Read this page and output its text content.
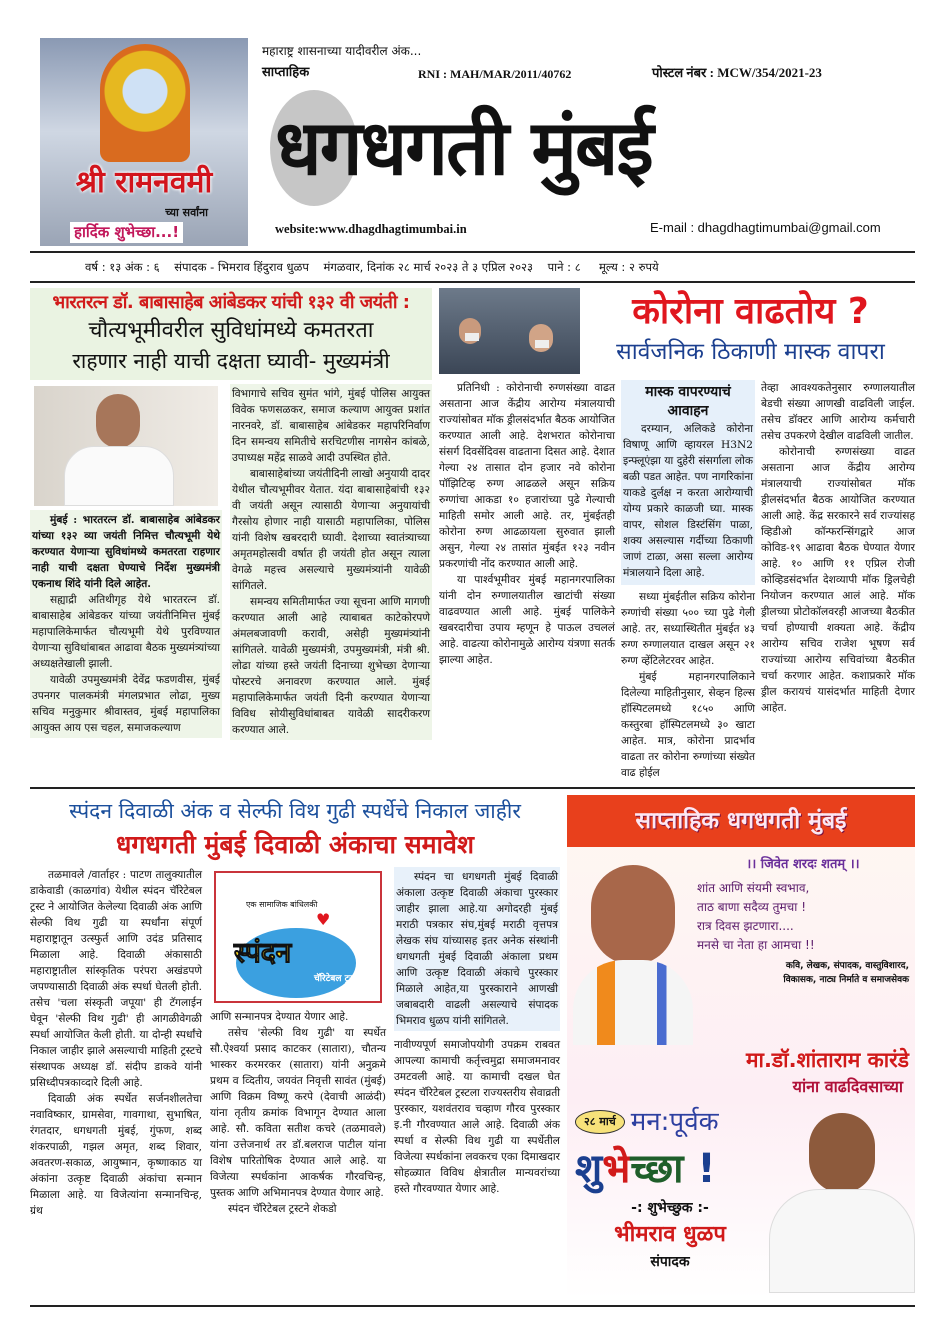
श्री रामनवमी
च्या सर्वांना
हार्दिक शुभेच्छा...!
महाराष्ट्र शासनाच्या यादीवरील अंक...
साप्ताहिक	RNI : MAH/MAR/2011/40762	पोस्टल नंबर : MCW/354/2021-23
धगधगती मुंबई
website:www.dhagdhagtimumbai.in	E-mail : dhagdhagtimumbai@gmail.com
वर्ष : १३ अंक : ६    संपादक - भिमराव हिंदुराव धुळप    मंगळवार, दिनांक २८ मार्च २०२३ ते ३ एप्रिल २०२३    पाने : ८     मूल्य : २ रुपये
भारतरत्न डॉ. बाबासाहेब आंबेडकर यांची १३२ वी जयंती :
चौत्यभूमीवरील सुविधांमध्ये कमतरता
राहणार नाही याची दक्षता घ्यावी- मुख्यमंत्री

मुंबई : भारतरत्न डॉ. बाबासाहेब आंबेडकर यांच्या १३२ व्या जयंती निमित्त चौत्यभूमी येथे करण्यात येणाऱ्या सुविधांमध्ये कमतरता राहणार नाही याची दक्षता घेण्याचे निर्देश मुख्यमंत्री एकनाथ शिंदे यांनी दिले आहेत.

सह्याद्री अतिथीगृह येथे भारतरत्न डॉ. बाबासाहेब आंबेडकर यांच्या जयंतीनिमित्त मुंबई महापालिकेमार्फत चौत्यभूमी येथे पुरविण्यात येणाऱ्या सुविधांबाबत आढावा बैठक मुख्यमंत्र्यांच्या अध्यक्षतेखाली झाली.

यावेळी उपमुख्यमंत्री देवेंद्र फडणवीस, मुंबई उपनगर पालकमंत्री मंगलप्रभात लोढा, मुख्य सचिव मनुकुमार श्रीवास्तव, मुंबई महापालिका आयुक्त आय एस चहल, समाजकल्याण

विभागाचे सचिव सुमंत भांगे, मुंबई पोलिस आयुक्त विवेक फणसळकर, समाज कल्याण आयुक्त प्रशांत नारनवरे, डॉ. बाबासाहेब आंबेडकर महापरिनिर्वाण दिन समन्वय समितीचे सरचिटणीस नागसेन कांबळे, उपाध्यक्ष महेंद्र साळवे आदी उपस्थित होते.

बाबासाहेबांच्या जयंतीदिनी लाखो अनुयायी दादर येथील चौत्यभूमीवर येतात. यंदा बाबासाहेबांची १३२ वी जयंती असून त्यासाठी येणाऱ्या अनुयायांची गैरसोय होणार नाही यासाठी महापालिका, पोलिस यांनी विशेष खबरदारी घ्यावी. देशाच्या स्वातंत्र्याच्या अमृतमहोत्सवी वर्षात ही जयंती होत असून त्याला वेगळे महत्त्व असल्याचे मुख्यमंत्र्यांनी यावेळी सांगितले.

समन्वय समितीमार्फत ज्या सूचना आणि मागणी करण्यात आली आहे त्याबाबत काटेकोरपणे अंमलबजावणी करावी, असेही मुख्यमंत्र्यांनी सांगितले. यावेळी मुख्यमंत्री, उपमुख्यमंत्री, मंत्री श्री. लोढा यांच्या हस्ते जयंती दिनाच्या शुभेच्छा देणाऱ्या पोस्टरचे अनावरण करण्यात आले. मुंबई महापालिकेमार्फत जयंती दिनी करण्यात येणाऱ्या विविध सोयीसुविधांबाबत यावेळी सादरीकरण करण्यात आले.

कोरोना वाढतोय ?
सार्वजनिक ठिकाणी मास्क वापरा

प्रतिनिधी : कोरोनाची रुग्णसंख्या वाढत असताना आज केंद्रीय आरोग्य मंत्रालयाची राज्यांसोबत मॉक ड्रीलसंदर्भात बैठक आयोजित करण्यात आली आहे. देशभरात कोरोनाचा संसर्ग दिवसेंदिवस वाढताना दिसत आहे. देशात गेल्या २४ तासात दोन हजार नवे कोरोना पॉझिटिव्ह रुग्ण आढळले असून सक्रिय रुग्णांचा आकडा १० हजारांच्या पुढे गेल्याची माहिती समोर आली आहे. तर, मुंबईतही कोरोना रुग्ण आढळायला सुरुवात झाली असुन, गेल्या २४ तासांत मुंबईत १२३ नवीन प्रकरणांची नोंद करण्यात आली आहे.

या पार्श्वभूमीवर मुंबई महानगरपालिका यांनी दोन रुग्णालयातील खाटांची संख्या वाढवण्यात आली आहे. मुंबई पालिकेने खबरदारीचा उपाय म्हणून हे पाऊल उचललं आहे. वाढत्या कोरोनामुळे आरोग्य यंत्रणा सतर्क झाल्या आहेत.

मास्क वापरण्याचं आवाहन

दरम्यान, अलिकडे कोरोना विषाणू आणि व्हायरल H3N2 इन्फ्लूएंझा या दुहेरी संसर्गाला लोक बळी पडत आहेत. पण नागरिकांना याकडे दुर्लक्ष न करता आरोग्याची योग्य प्रकारे काळजी घ्या. मास्क वापर, सोशल डिस्टंसिंग पाळा, शक्य असल्यास गर्दीच्या ठिकाणी जाणं टाळा, असा सल्ला आरोग्य मंत्रालयाने दिला आहे.

सध्या मुंबईतील सक्रिय कोरोना रुग्णांची संख्या ५०० च्या पुढे गेली आहे. तर, सध्यास्थितीत मुंबईत ४३ रुग्ण रुग्णालयात दाखल असून २१ रुग्ण व्हेंटिलेटरवर आहेत.

मुंबई महानगरपालिकाने दिलेल्या माहितीनुसार, सेव्हन हिल्स हॉस्पिटलमध्ये १८५० आणि कस्तुरबा हॉस्पिटलमध्ये ३० खाटा आहेत. मात्र, कोरोना प्रादर्भाव वाढता तर कोरोना रुग्णांच्या संख्येत वाढ होईल

तेव्हा आवश्यकतेनुसार रुग्णालयातील बेडची संख्या आणखी वाढविली जाईल. तसेच डॉक्टर आणि आरोग्य कर्मचारी तसेच उपकरणे देखील वाढविली जातील.

कोरोनाची रुग्णसंख्या वाढत असताना आज केंद्रीय आरोग्य मंत्रालयाची राज्यांसोबत मॉक ड्रीलसंदर्भात बैठक आयोजित करण्यात आली आहे. केंद्र सरकारने सर्व राज्यांसह व्हिडीओ कॉन्फरन्सिंगद्वारे आज कोविड-१९ आढावा बैठक घेण्यात येणार आहे. १० आणि ११ एप्रिल रोजी कोव्हिडसंदर्भात देशव्यापी मॉक ड्रिलचेही नियोजन करण्यात आलं आहे. मॉक ड्रीलच्या प्रोटोकॉलवरही आजच्या बैठकीत चर्चा होण्याची शक्यता आहे. केंद्रीय आरोग्य सचिव राजेश भूषण सर्व राज्यांच्या आरोग्य सचिवांच्या बैठकीत चर्चा करणार आहेत. कशाप्रकारे मॉक ड्रील करायचं यासंदर्भात माहिती देणार आहेत.

स्पंदन दिवाळी अंक व सेल्फी विथ गुढी स्पर्धेचे निकाल जाहीर
धगधगती मुंबई दिवाळी अंकाचा समावेश

तळमावले /वार्ताहर : पाटण तालुक्यातील डाकेवाडी (काळगांव) येथील स्पंदन चॅरिटेबल ट्रस्ट ने आयोजित केलेल्या दिवाळी अंक आणि सेल्फी विथ गुढी या स्पर्धांना संपूर्ण महाराष्ट्रातून उत्स्फुर्त आणि उदंड प्रतिसाद मिळाला आहे. दिवाळी अंकासाठी महाराष्ट्रातील सांस्कृतिक परंपरा अखंडपणे जपण्यासाठी दिवाळी अंक स्पर्धा घेतली होती. तसेच 'चला संस्कृती जपूया' ही टॅगलाईन घेवून 'सेल्फी विथ गुढी' ही आगळीवेगळी स्पर्धा आयोजित केली होती. या दोन्ही स्पर्धांचे निकाल जाहीर झाले असल्याची माहिती ट्रस्टचे संस्थापक अध्यक्ष डॉ. संदीप डाकवे यांनी प्रसिध्दीपत्रकाव्दारे दिली आहे.

दिवाळी अंक स्पर्धेत सर्जनशीलतेचा नवाविष्कार, ग्रामसेवा, गावगाथा, सुभाषित, रंगतदार, धगधगती मुंबई, गुंफण, शब्द शंकरपाळी, गझल अमृत, शब्द शिवार, अवतरण-सकाळ, आयुष्मान, कृष्णाकाठ या अंकांना उत्कृष्ट दिवाळी अंकांचा सन्मान मिळाला आहे. या विजेत्यांना सन्मानचिन्ह, ग्रंथ

एक सामाजिक बांधिलकी
♥
स्पंदन
चॅरिटेबल ट्रस्ट

आणि सन्मानपत्र देण्यात येणार आहे.

तसेच 'सेल्फी विथ गुढी' या स्पर्धेत सौ.ऐश्वर्या प्रसाद काटकर (सातारा), चौतन्य भास्कर करमरकर (सातारा) यांनी अनुक्रमे प्रथम व व्दितीय, जयवंत निवृत्ती सावंत (मुंबई) आणि विक्रम विष्णू करपे (देवाची आळंदी) यांना तृतीय क्रमांक विभागून देण्यात आला आहे. सौ. कविता सतीश कचरे (तळमावले) यांना उत्तेजनार्थ तर डॉ.बलराज पाटील यांना विशेष पारितोषिक देण्यात आले आहे. या विजेत्या स्पर्धकांना आकर्षक गौरवचिन्ह, पुस्तक आणि अभिमानपत्र देण्यात येणार आहे.

स्पंदन चॅरिटेबल ट्रस्टने शेकडो

स्पंदन चा धगधगती मुंबई दिवाळी अंकाला उत्कृष्ट दिवाळी अंकाचा पुरस्कार जाहीर झाला आहे.या अगोदरही मुंबई मराठी पत्रकार संघ,मुंबई मराठी वृत्तपत्र लेखक संघ यांच्यासह इतर अनेक संस्थांनी धगधगती मुंबई दिवाळी अंकाला प्रथम आणि उत्कृष्ट दिवाळी अंकाचे पुरस्कार मिळाले आहेत,या पुरस्काराने आणखी जबाबदारी वाढली असल्याचे संपादक भिमराव धुळप यांनी सांगितले.

नावीण्यपूर्ण समाजोपयोगी उपक्रम राबवत आपल्या कामाची कर्तृत्त्वमुद्रा समाजमनावर उमटवली आहे. या कामाची दखल घेत स्पंदन चॅरिटेबल ट्रस्टला राज्यस्तरीय सेवाव्रती पुरस्कार, यशवंतराव चव्हाण गौरव पुरस्कार इ.नी गौरवण्यात आले आहे. दिवाळी अंक स्पर्धा व सेल्फी विथ गुढी या स्पर्धेतील विजेत्या स्पर्धकांना लवकरच एका दिमाखदार सोहळ्यात विविध क्षेत्रातील मान्यवरांच्या हस्ते गौरवण्यात येणार आहे.

साप्ताहिक धगधगती मुंबई
।। जिवेत शरदः शतम् ।।
शांत आणि संयमी स्वभाव,
ताठ बाणा सदैव्य तुमचा !
रात्र दिवस झटणारा....
मनसे चा नेता हा आमचा !!
कवि, लेखक, संपादक, वास्तुविशारद,
विकासक, नाट्य निर्माते व समाजसेवक
मा.डॉ.शांताराम कारंडे
यांना वाढदिवसाच्या
२८ मार्च मन:पूर्वक
शुभेच्छा !
-: शुभेच्छुक :-
भीमराव धुळप
संपादक
